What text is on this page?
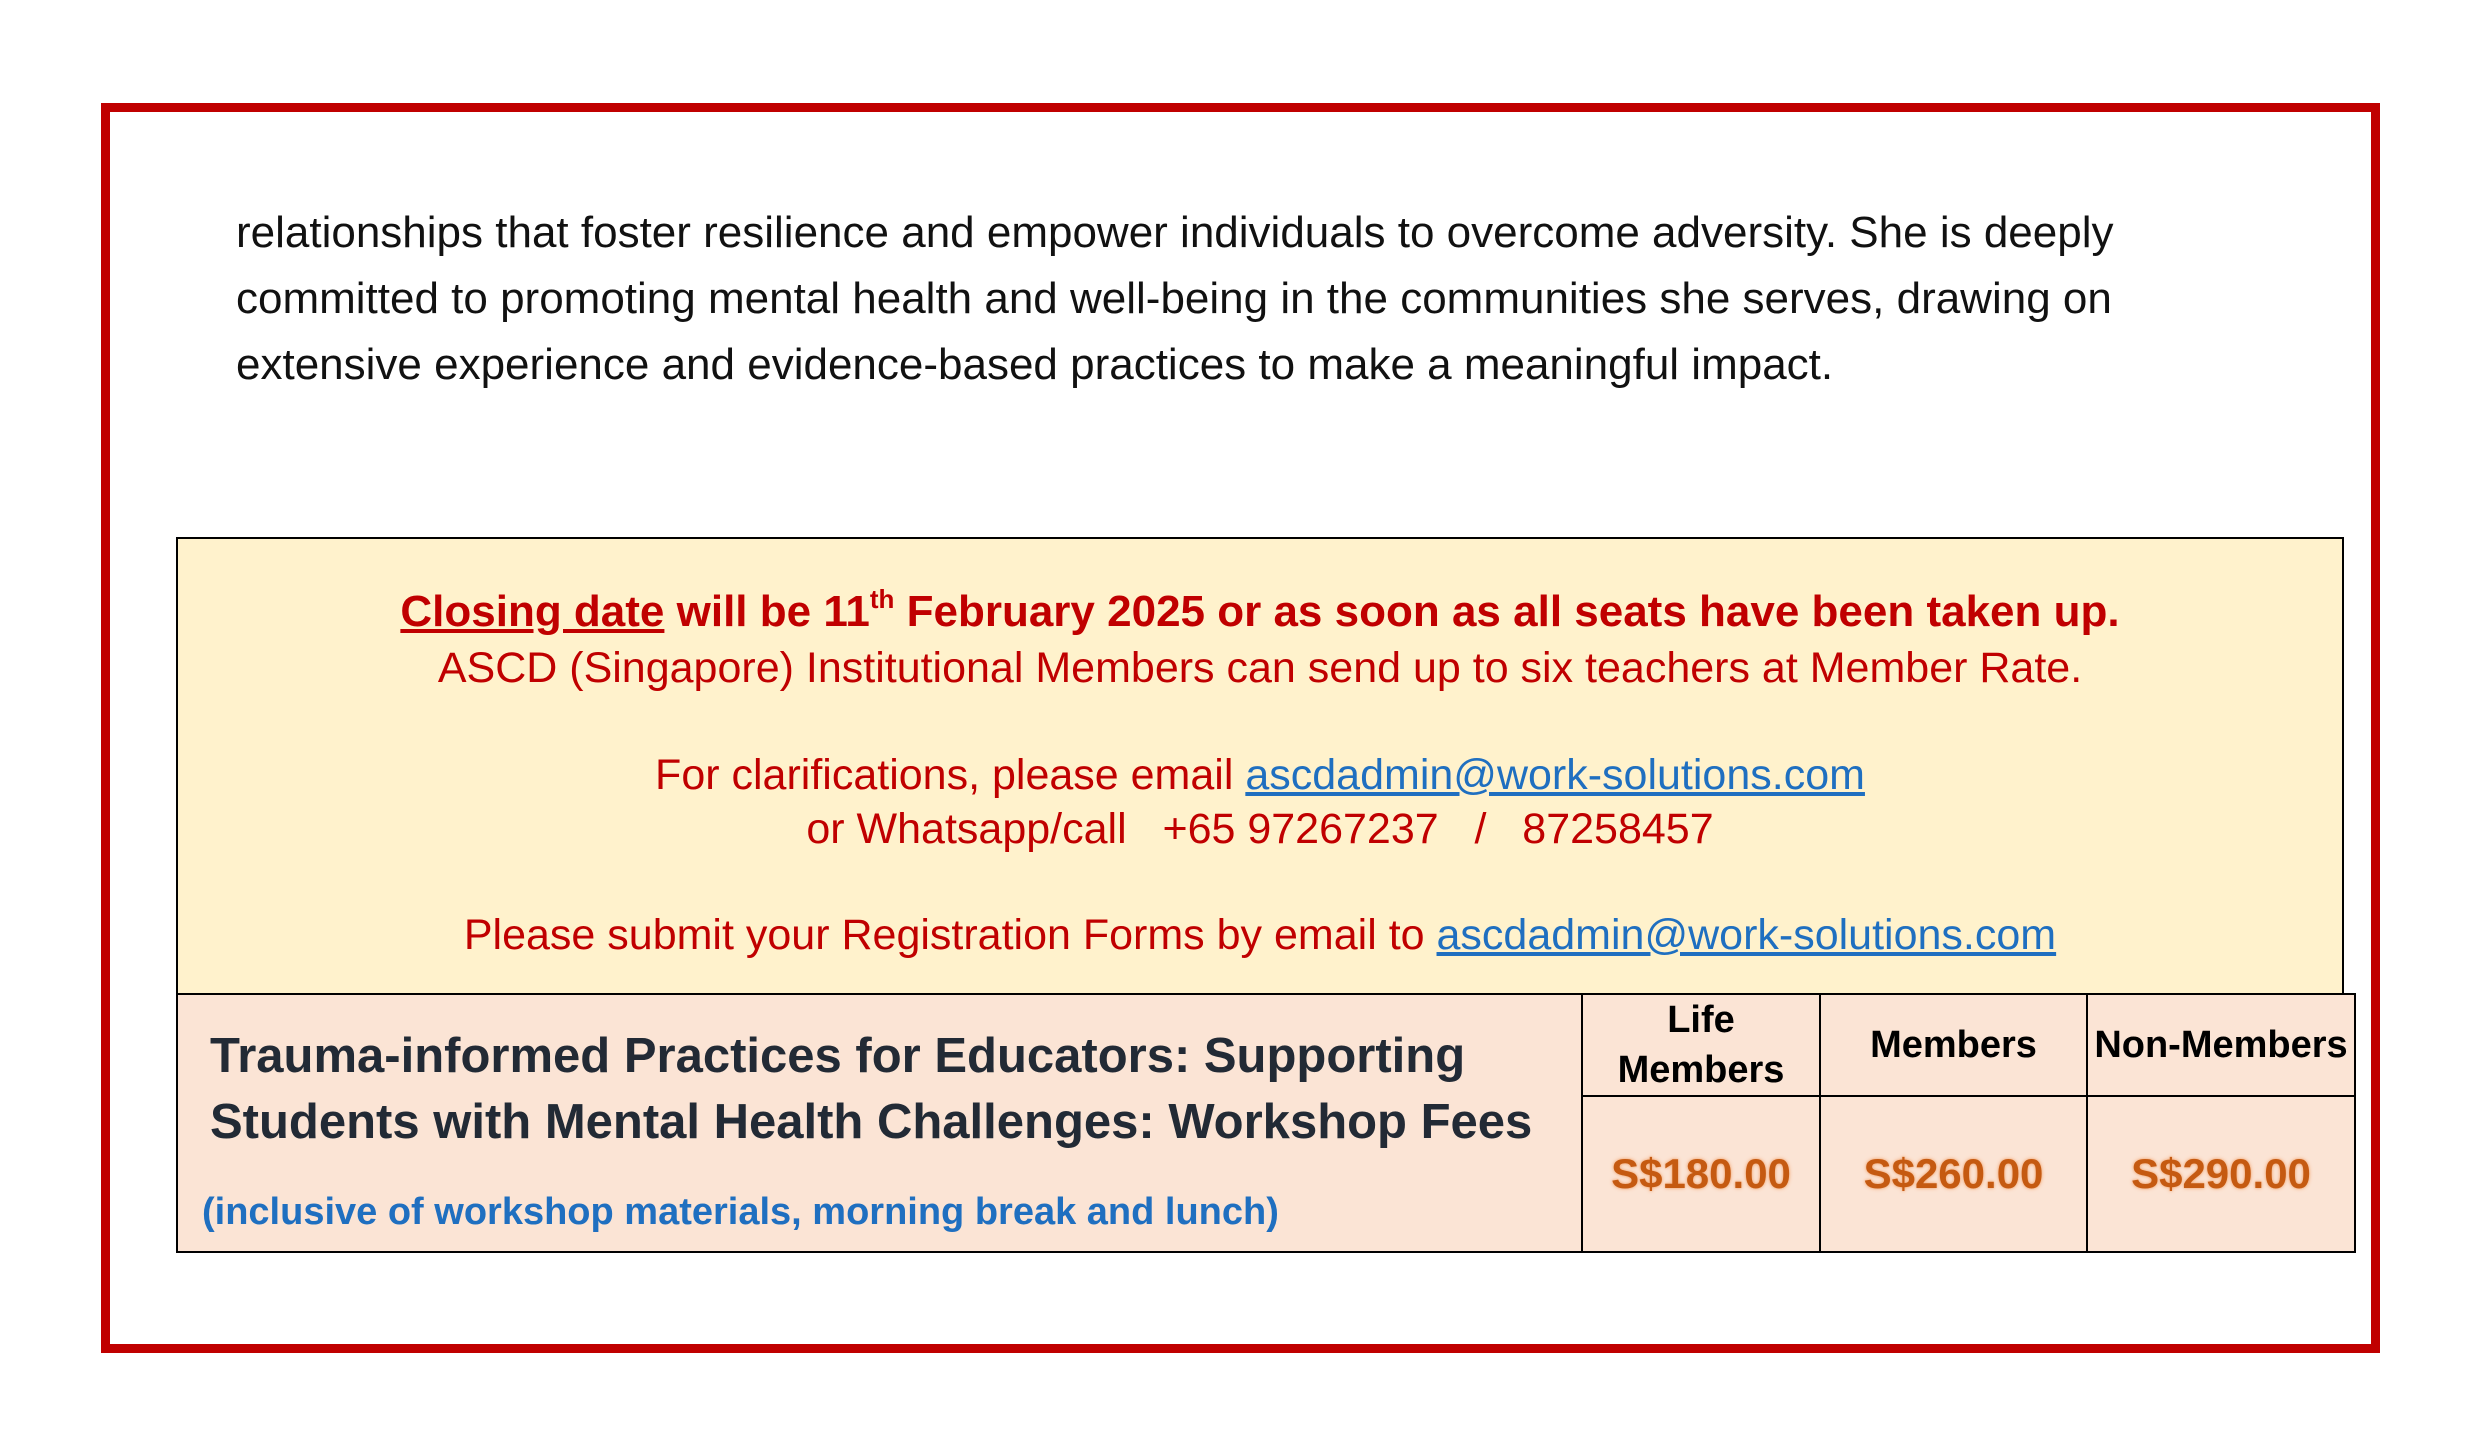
relationships that foster resilience and empower individuals to overcome adversity. She is deeply committed to promoting mental health and well-being in the communities she serves, drawing on extensive experience and evidence-based practices to make a meaningful impact.

Closing date will be 11th February 2025 or as soon as all seats have been taken up.
ASCD (Singapore) Institutional Members can send up to six teachers at Member Rate.
For clarifications, please email ascdadmin@work-solutions.com
or Whatsapp/call   +65 97267237   /   87258457
Please submit your Registration Forms by email to ascdadmin@work-solutions.com
Trauma-informed Practices for Educators: Supporting Students with Mental Health Challenges: Workshop Fees
(inclusive of workshop materials, morning break and lunch)	Life Members	Members	Non-Members
	S$180.00	S$260.00	S$290.00
